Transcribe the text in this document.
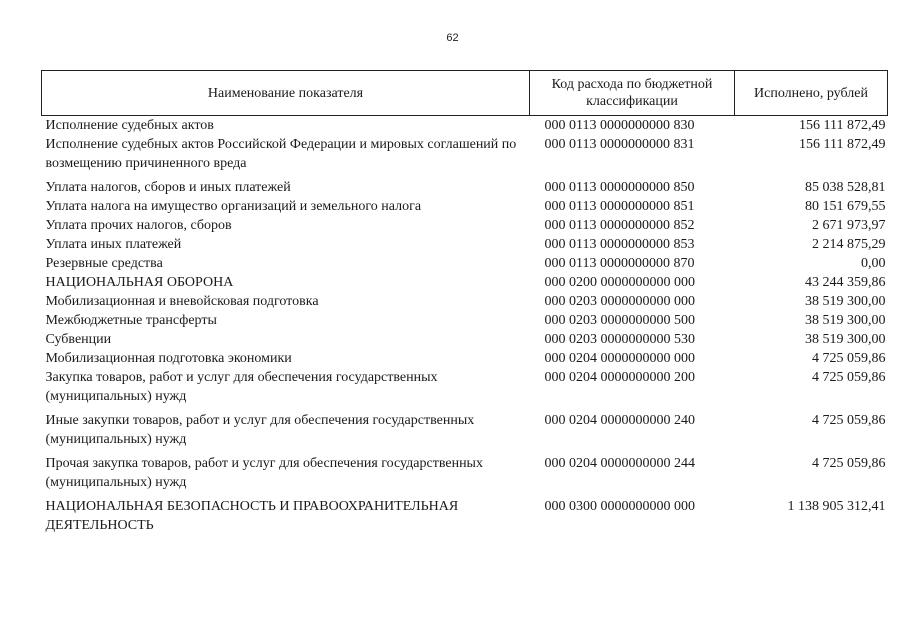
62
Наименование показателя	Код расхода по бюджетной классификации	Исполнено, рублей
Исполнение судебных актов	000 0113 0000000000 830	156 111 872,49
Исполнение судебных актов Российской Федерации и мировых соглашений по возмещению причиненного вреда	000 0113 0000000000 831	156 111 872,49
Уплата налогов, сборов и иных платежей	000 0113 0000000000 850	85 038 528,81
Уплата налога на имущество организаций и земельного налога	000 0113 0000000000 851	80 151 679,55
Уплата прочих налогов, сборов	000 0113 0000000000 852	2 671 973,97
Уплата иных платежей	000 0113 0000000000 853	2 214 875,29
Резервные средства	000 0113 0000000000 870	0,00
НАЦИОНАЛЬНАЯ ОБОРОНА	000 0200 0000000000 000	43 244 359,86
Мобилизационная и вневойсковая подготовка	000 0203 0000000000 000	38 519 300,00
Межбюджетные трансферты	000 0203 0000000000 500	38 519 300,00
Субвенции	000 0203 0000000000 530	38 519 300,00
Мобилизационная подготовка экономики	000 0204 0000000000 000	4 725 059,86
Закупка товаров, работ и услуг для обеспечения государственных (муниципальных) нужд	000 0204 0000000000 200	4 725 059,86
Иные закупки товаров, работ и услуг для обеспечения государственных (муниципальных) нужд	000 0204 0000000000 240	4 725 059,86
Прочая закупка товаров, работ и услуг для обеспечения государственных (муниципальных) нужд	000 0204 0000000000 244	4 725 059,86
НАЦИОНАЛЬНАЯ БЕЗОПАСНОСТЬ И ПРАВООХРАНИТЕЛЬНАЯ ДЕЯТЕЛЬНОСТЬ	000 0300 0000000000 000	1 138 905 312,41
